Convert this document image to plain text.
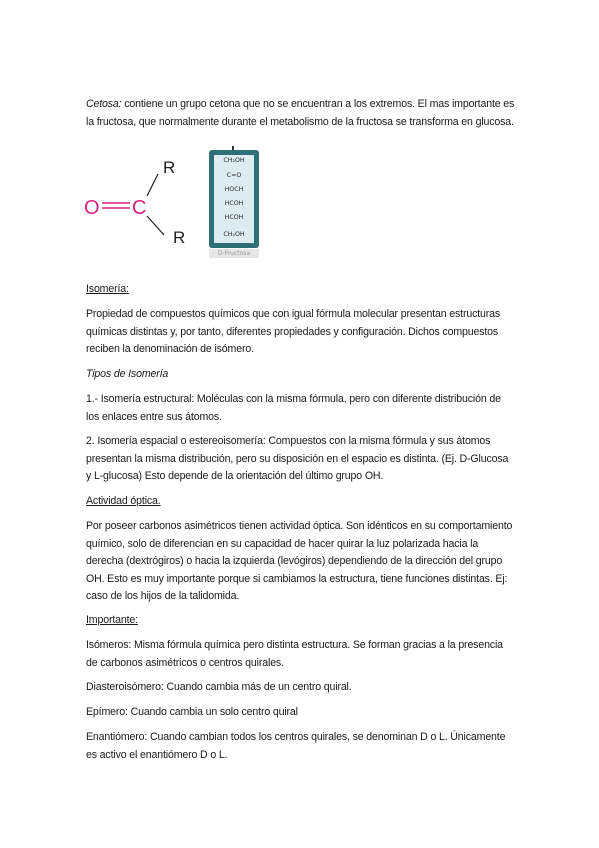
Cetosa: contiene un grupo cetona que no se encuentran a los extremos. El mas importante es la fructosa, que normalmente durante el metabolismo de la fructosa se transforma en glucosa.

O C
R
R
CH₂OH
C=O
HOCH
HCOH
HCOH
CH₂OH
D-Fructosa

Isomería:

Propiedad de compuestos químicos que con igual fórmula molecular presentan estructuras químicas distintas y, por tanto, diferentes propiedades y configuración. Dichos compuestos reciben la denominación de isómero.

Tipos de Isomería

1.- Isomería estructural: Moléculas con la misma fórmula, pero con diferente distribución de los enlaces entre sus átomos.

2. Isomería espacial o estereoisomería: Compuestos con la misma fórmula y sus átomos presentan la misma distribución, pero su disposición en el espacio es distinta. (Ej. D-Glucosa y L-glucosa) Esto depende de la orientación del último grupo OH.

Actividad óptica.

Por poseer carbonos asimétricos tienen actividad óptica. Son idénticos en su comportamiento químico, solo de diferencian en su capacidad de hacer quirar la luz polarizada hacia la derecha (dextrógiros) o hacia la izquierda (levógiros) dependiendo de la dirección del grupo OH. Esto es muy importante porque si cambiamos la estructura, tiene funciones distintas. Ej: caso de los hijos de la talidomida.

Importante:

Isómeros: Misma fórmula química pero distinta estructura. Se forman gracias a la presencia de carbonos asimétricos o centros quirales.

Diasteroisómero: Cuando cambia más de un centro quiral.

Epímero: Cuando cambia un solo centro quiral

Enantiómero: Cuando cambian todos los centros quirales, se denominan D o L. Únicamente es activo el enantiómero D o L.
